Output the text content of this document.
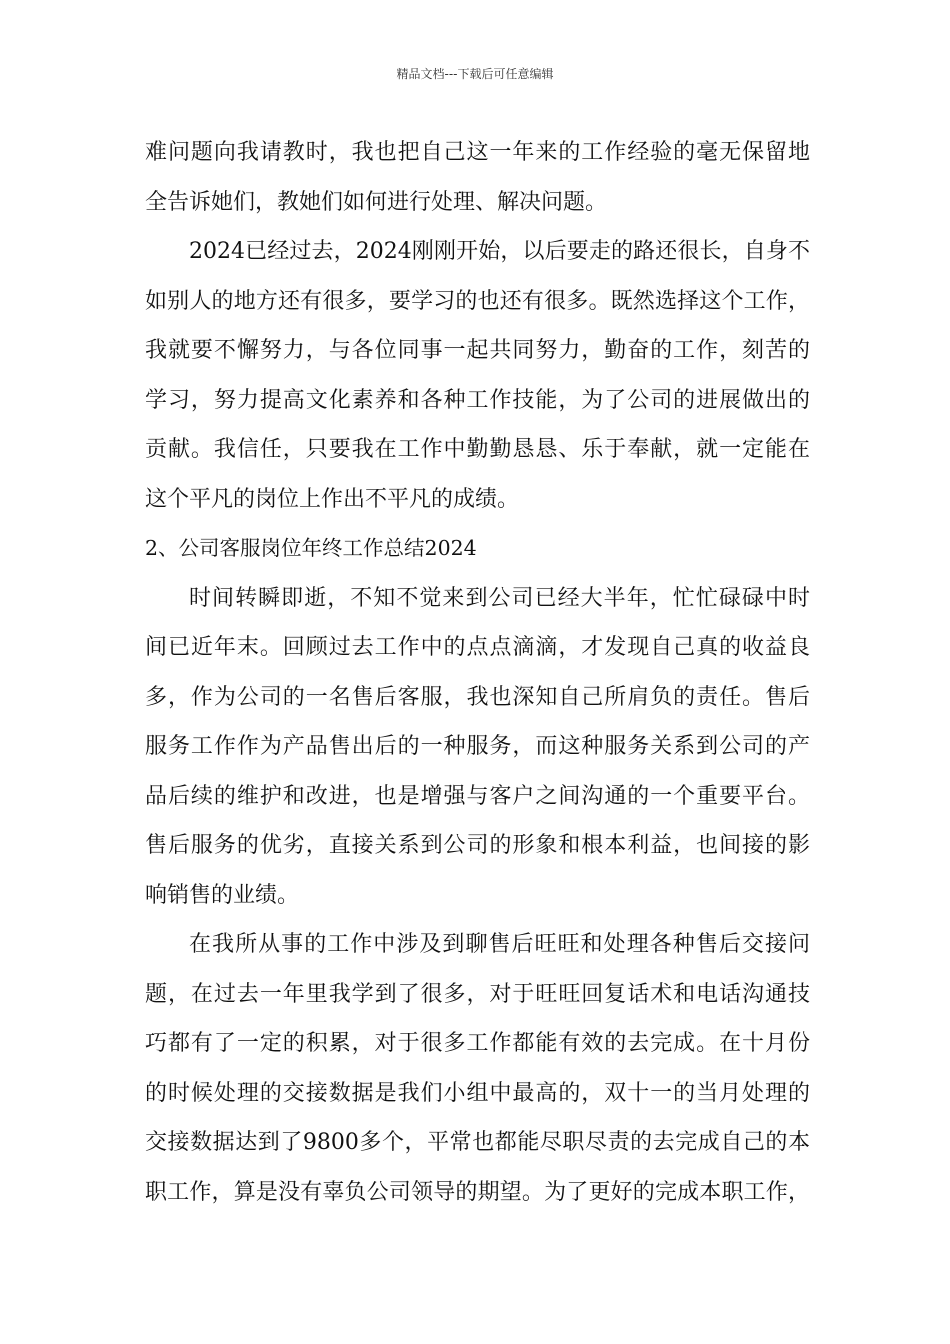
精品文档---下载后可任意编辑
难问题向我请教时，我也把自己这一年来的工作经验的毫无保留地
全告诉她们，教她们如何进行处理、解决问题。
2024已经过去，2024刚刚开始，以后要走的路还很长，自身不
如别人的地方还有很多，要学习的也还有很多。既然选择这个工作，
我就要不懈努力，与各位同事一起共同努力，勤奋的工作，刻苦的
学习，努力提高文化素养和各种工作技能，为了公司的进展做出的
贡献。我信任，只要我在工作中勤勤恳恳、乐于奉献，就一定能在
这个平凡的岗位上作出不平凡的成绩。
2、公司客服岗位年终工作总结2024
时间转瞬即逝，不知不觉来到公司已经大半年，忙忙碌碌中时
间已近年末。回顾过去工作中的点点滴滴，才发现自己真的收益良
多，作为公司的一名售后客服，我也深知自己所肩负的责任。售后
服务工作作为产品售出后的一种服务，而这种服务关系到公司的产
品后续的维护和改进，也是增强与客户之间沟通的一个重要平台。
售后服务的优劣，直接关系到公司的形象和根本利益，也间接的影
响销售的业绩。
在我所从事的工作中涉及到聊售后旺旺和处理各种售后交接问
题，在过去一年里我学到了很多，对于旺旺回复话术和电话沟通技
巧都有了一定的积累，对于很多工作都能有效的去完成。在十月份
的时候处理的交接数据是我们小组中最高的，双十一的当月处理的
交接数据达到了9800多个，平常也都能尽职尽责的去完成自己的本
职工作，算是没有辜负公司领导的期望。为了更好的完成本职工作，
